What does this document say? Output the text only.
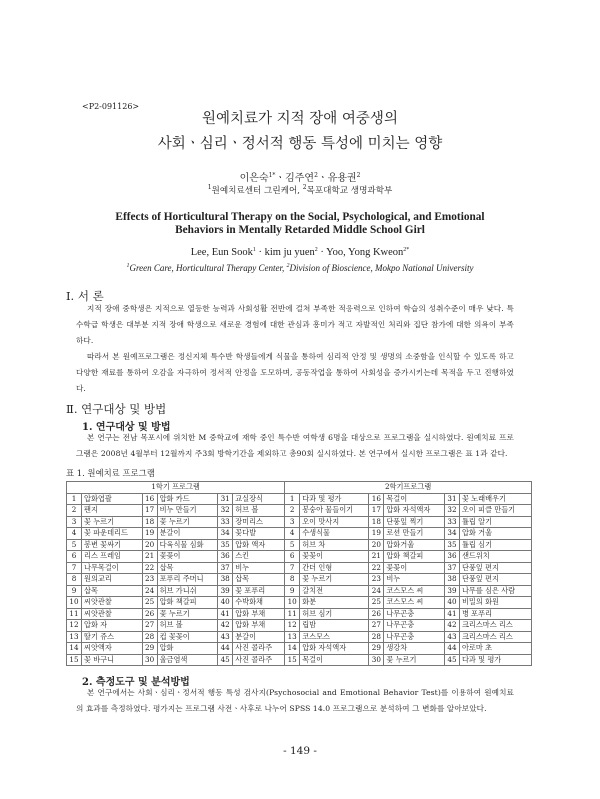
<P2-091126>
원예치료가 지적 장애 여중생의
사회ㆍ심리ㆍ정서적 행동 특성에 미치는 영향
이은숙$^{1*}$ㆍ김주연$^2$ㆍ유용권$^2$
$^1$원예치료센터 그린케어, $^2$목포대학교 생명과학부
Effects of Horticultural Therapy on the Social, Psychological, and Emotional
Behaviors in Mentally Retarded Middle School Girl
Lee, Eun Sook$^1$ · kim ju yuen$^2$ · Yoo, Yong Kweon$^{2*}$
$^1$Green Care, Horticultural Therapy Center, $^2$Division of Bioscience, Mokpo National University
Ⅰ. 서 론

지적 장애 중학생은 지적으로 열등한 능력과 사회성활 전반에 걸쳐 부족한 적응력으로 인하여 학습의 성취수준이 매우 낮다. 특수학급 학생은 대부분 지적 장애 학생으로 새로운 경험에 대한 관심과 흥미가 적고 자발적인 처리와 집단 참가에 대한 의욕이 부족하다.

따라서 본 원예프로그램은 정신지체 특수반 학생들에게 식물을 통하여 심리적 안정 및 생명의 소중함을 인식할 수 있도록 하고 다양한 재료를 통하여 오감을 자극하여 정서적 안정을 도모하며, 공동작업을 통하여 사회성을 증가시키는데 목적을 두고 진행하였다.

Ⅱ. 연구대상 및 방법
1. 연구대상 및 방법

본 연구는 전남 목포시에 위치한 M 중학교에 재학 중인 특수반 여학생 6명을 대상으로 프로그램을 실시하였다. 원예치료 프로그램은 2008년 4월부터 12월까지 주3회 방학기간을 제외하고 총90회 실시하였다. 본 연구에서 실시한 프로그램은 표 1과 같다.

표 1. 원예치료 프로그램
1학기 프로그램						2학기프로그램					
1	압화엽괄	16	압화 카드	31	교실장식	1	다과 및 평가	16	목걸이	31	꽃 노래배우기
2	팬지	17	비누 만들기	32	허브 볼	2	봉숭아 물들이기	17	압화 자석액자	32	오이 피클 만들기
3	꽃 누르기	18	꽃 누르기	33	장미리스	3	오이 맛사지	18	단풍잎 찍기	33	튤립 알기
4	꽃 파운데리드	19	분갈이	34	꽃다발	4	수생식물	19	로션 만들기	34	압화 거울
5	봉변 꽃싸기	20	다육식물 심화	35	압화 액자	5	허브 차	20	압화거울	35	튤립 심기
6	리스 프레임	21	꽃꽂이	36	스킨	6	꽃꽂이	21	압화 책갈피	36	샌드위치
7	나무목걸이	22	삽목	37	비누	7	간더 인형	22	꽃꽂이	37	단풍잎 편지
8	원의교리	23	포푸리 주머니	38	삽목	8	꽃 누르기	23	비누	38	단풍잎 편지
9	삽목	24	허브 가니쉬	39	꽃 포푸리	9	갈치전	24	코스모스 씨	39	나무를 심은 사람
10	씨앗관찰	25	압화 책갈피	40	수박화채	10	화분	25	코스모스 씨	40	비밀의 화원
11	씨앗관찰	26	꽃 누르기	41	압화 부채	11	허브 심기	26	나무곤충	41	병 포푸리
12	압화 자	27	허브 볼	42	압화 부채	12	립밤	27	나무곤충	42	크리스마스 리스
13	딸기 쥬스	28	컵 꽃꽂이	43	분갈이	13	코스모스	28	나무곤충	43	크리스마스 리스
14	씨앗액자	29	압화	44	사진 콜라주	14	압화 자석액자	29	생강차	44	아로마 초
15	꽃 바구니	30	울금염색	45	사진 콜라주	15	목걸이	30	꽃 누르기	45	다과 및 평가
2. 측정도구 및 분석방법

본 연구에서는 사회ㆍ심리ㆍ정서적 행동 특성 검사지(Psychosocial and Emotional Behavior Test)를 이용하여 원예치료의 효과를 측정하였다. 평가지는 프로그램 사전ㆍ사후로 나누어 SPSS 14.0 프로그램으로 분석하여 그 변화를 알아보았다.

- 149 -
